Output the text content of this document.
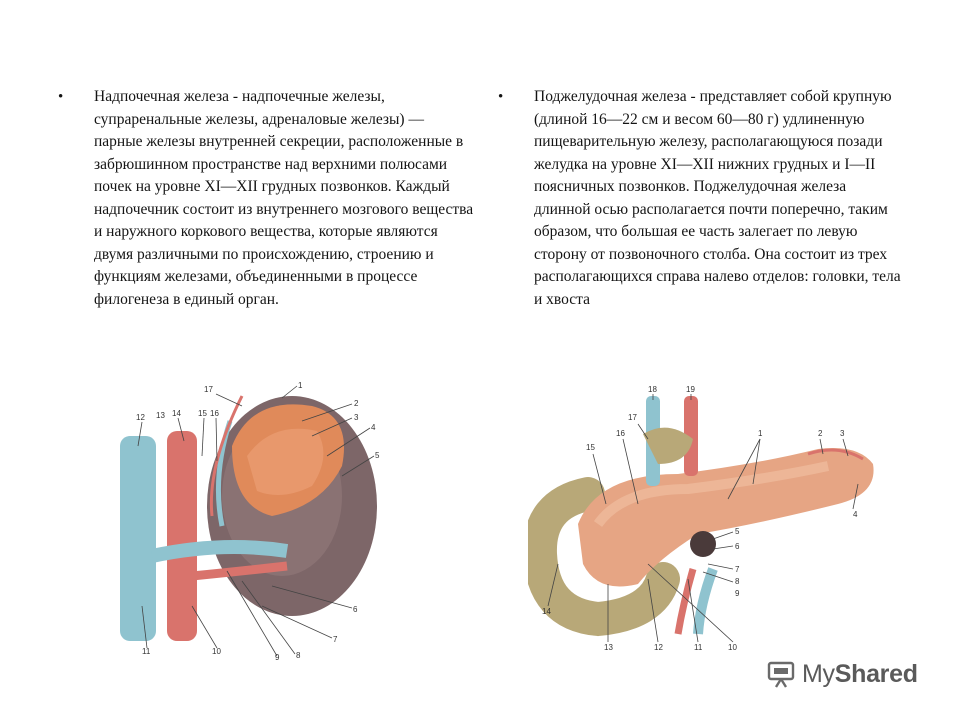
• Надпочечная железа - надпочечные железы, супраренальные железы, адреналовые железы) — парные железы внутренней секреции, расположенные в забрюшинном пространстве над верхними полюсами почек на уровне XI—XII грудных позвонков. Каждый надпочечник состоит из внутреннего мозгового вещества и наружного коркового вещества, которые являются двумя различными по происхождению, строению и функциям железами, объединенными в процессе филогенеза в единый орган.

• Поджелудочная железа - представляет собой крупную (длиной 16—22 см и весом 60—80 г) удлиненную пищеварительную железу, располагающуюся позади желудка на уровне XI—XII нижних грудных и I—II поясничных позвонков. Поджелудочная железа длинной осью располагается почти поперечно, таким образом, что большая ее часть залегает по левую сторону от позвоночного столба. Она состоит из трех располагающихся справа налево отделов: головки, тела и хвоста

1
2
3
4
5
6
7
8
9
10
11
12 13 14 15 16
17
1	2 3
4
5
6
7
8
9
10
11
12
13
14
15
16
17
18	19
MyShared
